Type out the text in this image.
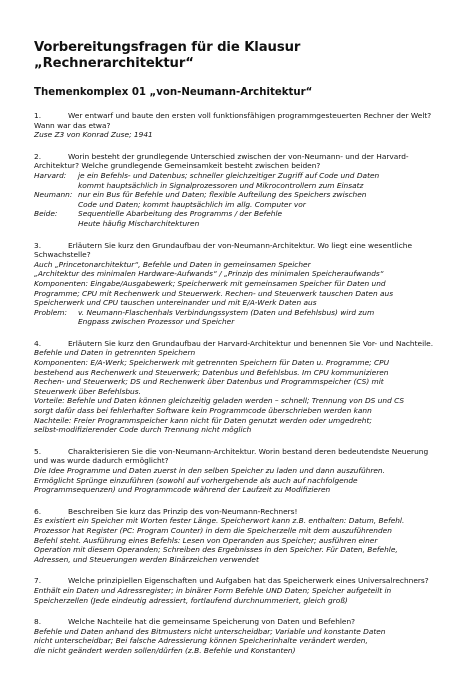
Vorbereitungsfragen für die Klausur „Rechnerarchitektur“
Themenkomplex 01 „von-Neumann-Architektur“
1.	Wer entwarf und baute den ersten voll funktionsfähigen programmgesteuerten Rechner der Welt? Wann war das etwa?
Zuse Z3 von Konrad Zuse; 1941
2.	Worin besteht der grundlegende Unterschied zwischen der von-Neumann- und der Harvard-Architektur? Welche grundlegende Gemeinsamkeit besteht zwischen beiden?
Harvard:	je ein Befehls- und Datenbus; schneller gleichzeitiger Zugriff auf Code und Daten
kommt hauptsächlich in Signalprozessoren und Mikrocontrollern zum Einsatz
Neumann: nur ein Bus für Befehle und Daten; flexible Aufteilung des Speichers zwischen
Code und Daten; kommt hauptsächlich im allg. Computer vor
Beide:	Sequentielle Abarbeitung des Programms / der Befehle
Heute häufig Mischarchitekturen
3.	Erläutern Sie kurz den Grundaufbau der von-Neumann-Architektur. Wo liegt eine wesentliche Schwachstelle?
Auch „Princetonarchitektur“, Befehle und Daten in gemeinsamen Speicher
„Architektur des minimalen Hardware-Aufwands“ / „Prinzip des minimalen Speicheraufwands“
Komponenten: Eingabe/Ausgabewerk; Speicherwerk mit gemeinsamen Speicher für Daten und
Programme; CPU mit Rechenwerk und Steuerwerk. Rechen- und Steuerwerk tauschen Daten aus
Speicherwerk und CPU tauschen untereinander und mit E/A-Werk Daten aus
Problem:	v. Neumann-Flaschenhals Verbindungssystem (Daten und Befehlsbus) wird zum
Engpass zwischen Prozessor und Speicher
4.	Erläutern Sie kurz den Grundaufbau der Harvard-Architektur und benennen Sie Vor- und Nachteile.
Befehle und Daten in getrennten Speichern
Komponenten: E/A-Werk; Speicherwerk mit getrennten Speichern für Daten u. Programme; CPU
bestehend aus Rechenwerk und Steuerwerk; Datenbus und Befehlsbus. Im CPU kommunizieren
Rechen- und Steuerwerk; DS und Rechenwerk über Datenbus und Programmspeicher (CS) mit
Steuerwerk über Befehlsbus.
Vorteile: Befehle und Daten können gleichzeitig geladen werden – schnell; Trennung von DS und CS
sorgt dafür dass bei fehlerhafter Software kein Programmcode überschrieben werden kann
Nachteile: Freier Programmspeicher kann nicht für Daten genutzt werden oder umgedreht;
selbst-modifizierender Code durch Trennung nicht möglich
5.	Charakterisieren Sie die von-Neumann-Architektur. Worin bestand deren bedeutendste Neuerung und was wurde dadurch ermöglicht?
Die Idee Programme und Daten zuerst in den selben Speicher zu laden und dann auszuführen.
Ermöglicht Sprünge einzuführen (sowohl auf vorhergehende als auch auf nachfolgende
Programmsequenzen) und Programmcode während der Laufzeit zu Modifizieren
6.	Beschreiben Sie kurz das Prinzip des von-Neumann-Rechners!
Es existiert ein Speicher mit Worten fester Länge. Speicherwort kann z.B. enthalten: Datum, Befehl.
Prozessor hat Register (PC: Program Counter) in dem die Speicherzelle mit dem auszuführenden
Befehl steht. Ausführung eines Befehls: Lesen von Operanden aus Speicher; ausführen einer
Operation mit diesem Operanden; Schreiben des Ergebnisses in den Speicher. Für Daten, Befehle,
Adressen, und Steuerungen werden Binärzeichen verwendet
7.	Welche prinzipiellen Eigenschaften und Aufgaben hat das Speicherwerk eines Universalrechners?
Enthält ein Daten und Adressregister; in binärer Form Befehle UND Daten; Speicher aufgeteilt in
Speicherzellen (Jede eindeutig adressiert, fortlaufend durchnummeriert, gleich groß)
8.	Welche Nachteile hat die gemeinsame Speicherung von Daten und Befehlen?
Befehle und Daten anhand des Bitmusters nicht unterscheidbar; Variable und konstante Daten
nicht unterscheidbar; Bei falsche Adressierung können Speicherinhalte verändert werden,
die nicht geändert werden sollen/dürfen (z.B. Befehle und Konstanten)
